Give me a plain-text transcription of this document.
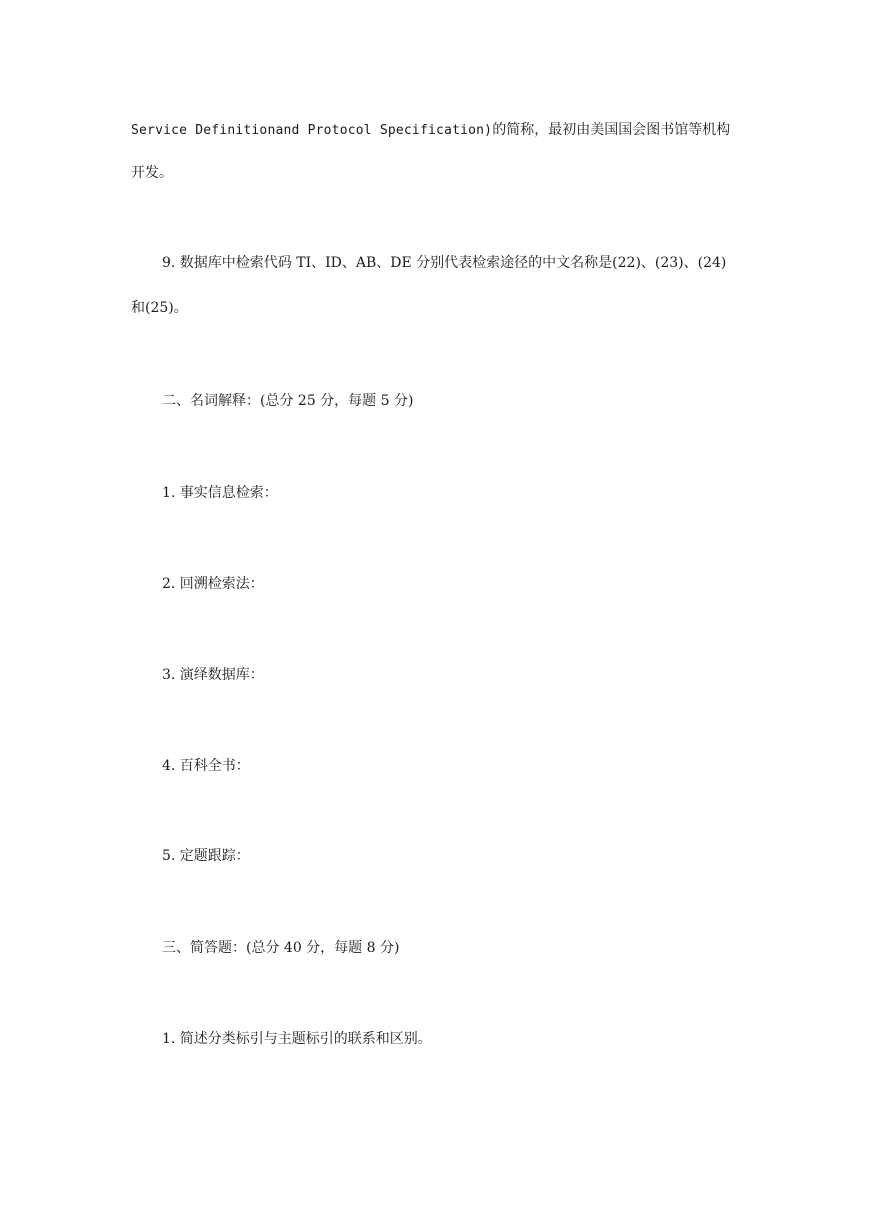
Service Definitionand Protocol Specification)的简称，最初由美国国会图书馆等机构

开发。

9. 数据库中检索代码 TI、ID、AB、DE 分别代表检索途径的中文名称是(22)、(23)、(24)

和(25)。

二、名词解释：(总分 25 分，每题 5 分)

1. 事实信息检索：

2. 回溯检索法：

3. 演绎数据库：

4. 百科全书：

5. 定题跟踪：

三、简答题：(总分 40 分，每题 8 分)

1. 简述分类标引与主题标引的联系和区别。
